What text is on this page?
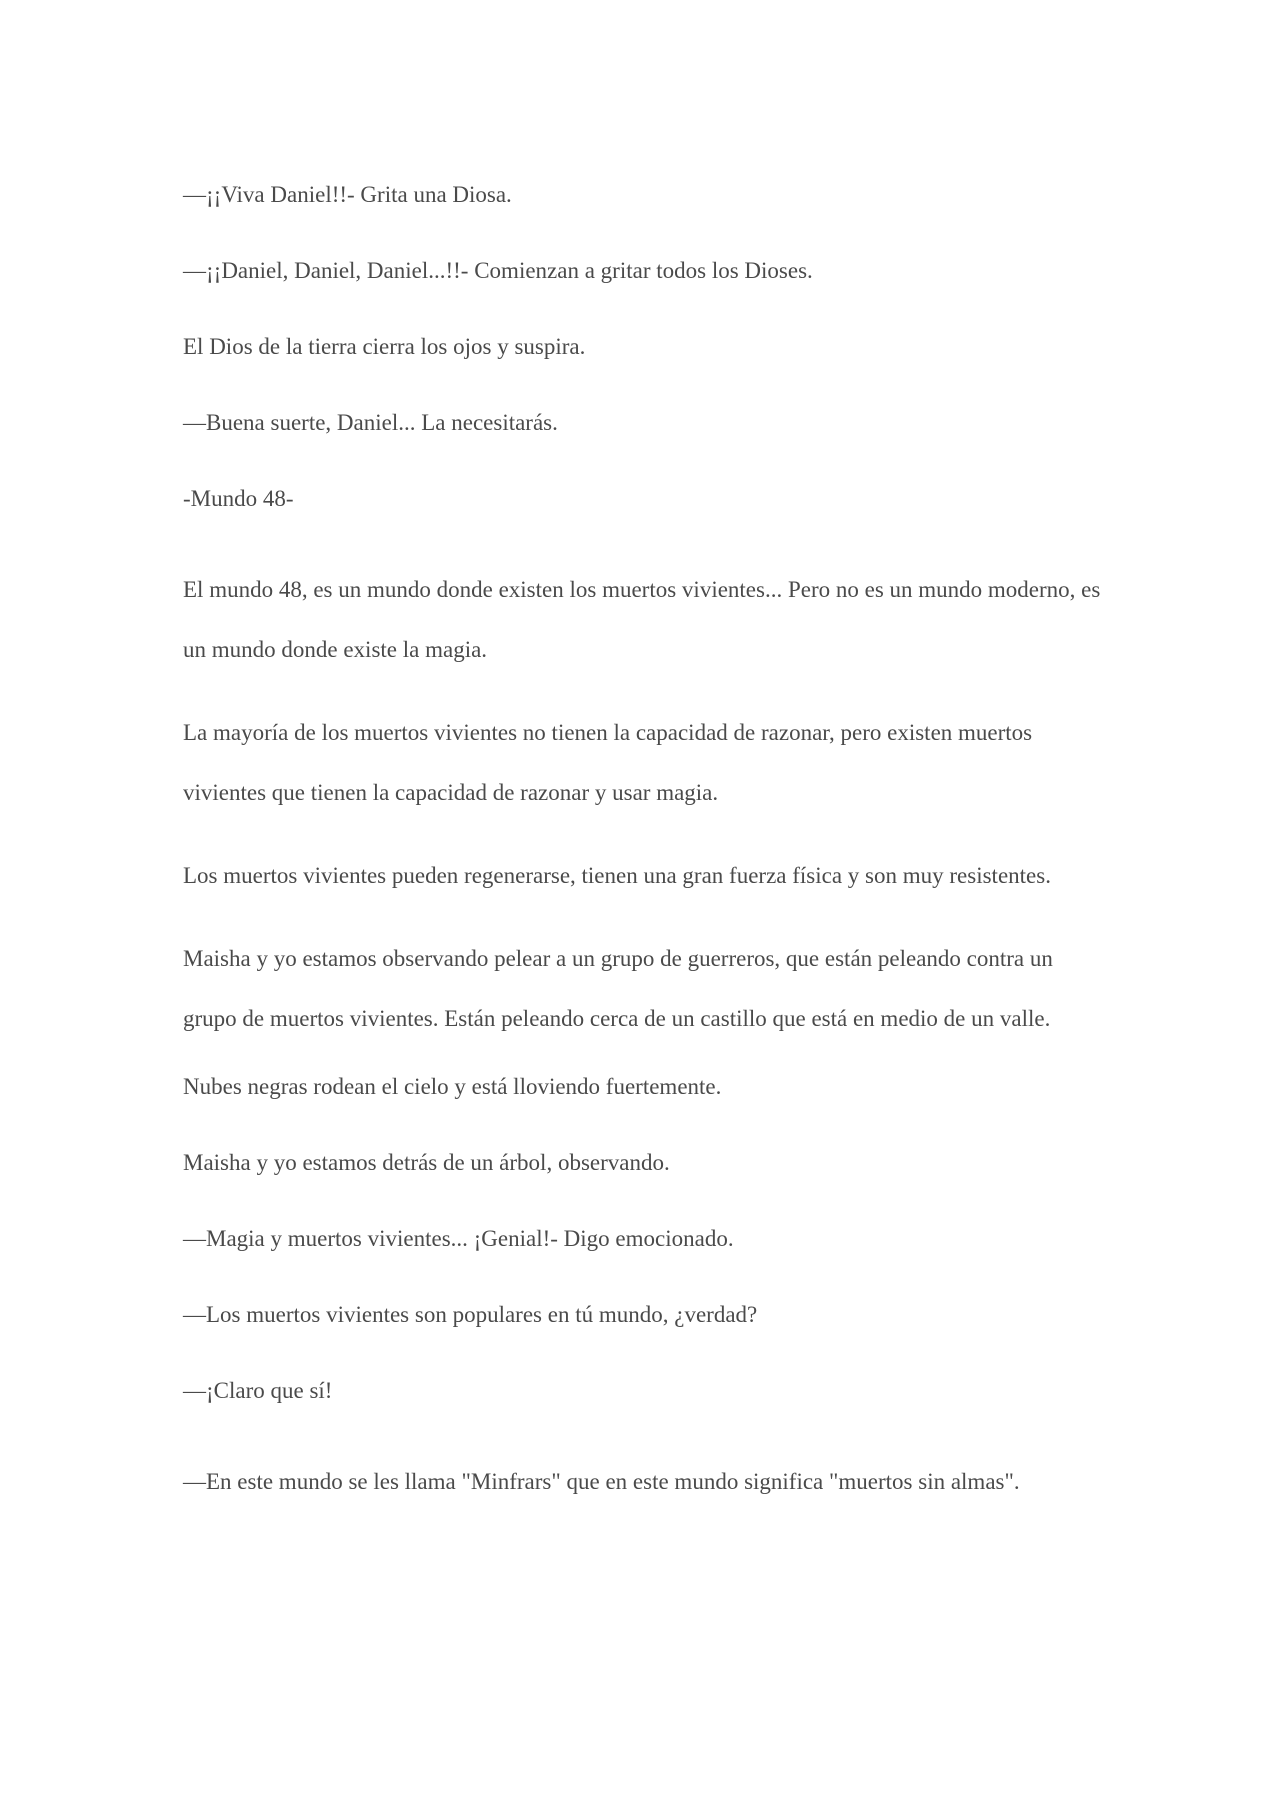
—¡¡Viva Daniel!!- Grita una Diosa.

—¡¡Daniel, Daniel, Daniel...!!- Comienzan a gritar todos los Dioses.

El Dios de la tierra cierra los ojos y suspira.

—Buena suerte, Daniel... La necesitarás.

-Mundo 48-

El mundo 48, es un mundo donde existen los muertos vivientes... Pero no es un mundo moderno, es un mundo donde existe la magia.

La mayoría de los muertos vivientes no tienen la capacidad de razonar, pero existen muertos vivientes que tienen la capacidad de razonar y usar magia.

Los muertos vivientes pueden regenerarse, tienen una gran fuerza física y son muy resistentes.

Maisha y yo estamos observando pelear a un grupo de guerreros, que están peleando contra un grupo de muertos vivientes. Están peleando cerca de un castillo que está en medio de un valle.

Nubes negras rodean el cielo y está lloviendo fuertemente.

Maisha y yo estamos detrás de un árbol, observando.

—Magia y muertos vivientes... ¡Genial!- Digo emocionado.

—Los muertos vivientes son populares en tú mundo, ¿verdad?

—¡Claro que sí!

—En este mundo se les llama "Minfrars" que en este mundo significa "muertos sin almas".
